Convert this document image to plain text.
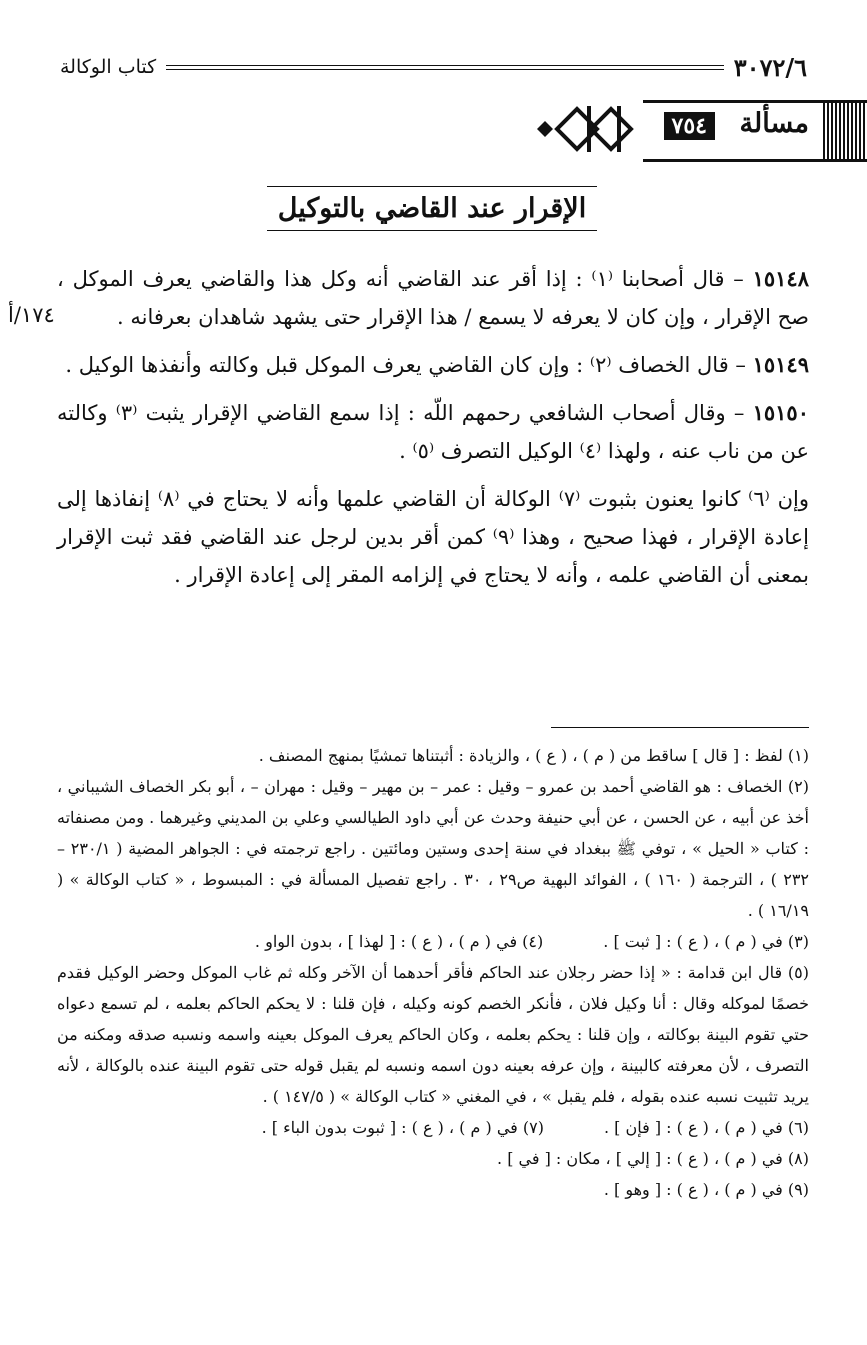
٣٠٧٢/٦
كتاب الوكالة
مسألة
٧٥٤
الإقرار عند القاضي بالتوكيل
١٧٤/أ

١٥١٤٨ – قال أصحابنا ⁽١⁾ : إذا أقر عند القاضي أنه وكل هذا والقاضي يعرف الموكل ، صح الإقرار ، وإن كان لا يعرفه لا يسمع / هذا الإقرار حتى يشهد شاهدان بعرفانه .

١٥١٤٩ – قال الخصاف ⁽٢⁾ : وإن كان القاضي يعرف الموكل قبل وكالته وأنفذها الوكيل .

١٥١٥٠ – وقال أصحاب الشافعي رحمهم اللّه : إذا سمع القاضي الإقرار يثبت ⁽٣⁾ وكالته عن من ناب عنه ، ولهذا ⁽٤⁾ الوكيل التصرف ⁽٥⁾ .

وإن ⁽٦⁾ كانوا يعنون بثبوت ⁽٧⁾ الوكالة أن القاضي علمها وأنه لا يحتاج في ⁽٨⁾ إنفاذها إلى إعادة الإقرار ، فهذا صحيح ، وهذا ⁽٩⁾ كمن أقر بدين لرجل عند القاضي فقد ثبت الإقرار بمعنى أن القاضي علمه ، وأنه لا يحتاج في إلزامه المقر إلى إعادة الإقرار .

(١) لفظ : [ قال ] ساقط من ( م ) ، ( ع ) ، والزيادة : أثبتناها تمشيًا بمنهج المصنف .

(٢) الخصاف : هو القاضي أحمد بن عمرو – وقيل : عمر – بن مهير – وقيل : مهران – ، أبو بكر الخصاف الشيباني ، أخذ عن أبيه ، عن الحسن ، عن أبي حنيفة وحدث عن أبي داود الطيالسي وعلي بن المديني وغيرهما . ومن مصنفاته : كتاب « الحيل » ، توفي ﷺ ببغداد في سنة إحدى وستين ومائتين . راجع ترجمته في : الجواهر المضية ( ٢٣٠/١ – ٢٣٢ ) ، الترجمة ( ١٦٠ ) ، الفوائد البهية ص٢٩ ، ٣٠ . راجع تفصيل المسألة في : المبسوط ، « كتاب الوكالة » ( ١٦/١٩ ) .

(٣) في ( م ) ، ( ع ) : [ ثبت ] .
(٤) في ( م ) ، ( ع ) : [ لهذا ] ، بدون الواو .

(٥) قال ابن قدامة : « إذا حضر رجلان عند الحاكم فأقر أحدهما أن الآخر وكله ثم غاب الموكل وحضر الوكيل فقدم خصمًا لموكله وقال : أنا وكيل فلان ، فأنكر الخصم كونه وكيله ، فإن قلنا : لا يحكم الحاكم بعلمه ، لم تسمع دعواه حتي تقوم البينة بوكالته ، وإن قلنا : يحكم بعلمه ، وكان الحاكم يعرف الموكل بعينه واسمه ونسبه صدقه ومكنه من التصرف ، لأن معرفته كالبينة ، وإن عرفه بعينه دون اسمه ونسبه لم يقبل قوله حتى تقوم البينة عنده بالوكالة ، لأنه يريد تثبيت نسبه عنده بقوله ، فلم يقبل » ، في المغني « كتاب الوكالة » ( ١٤٧/٥ ) .

(٦) في ( م ) ، ( ع ) : [ فإن ] .
(٧) في ( م ) ، ( ع ) : [ ثبوت بدون الباء ] .

(٨) في ( م ) ، ( ع ) : [ إلي ] ، مكان : [ في ] .

(٩) في ( م ) ، ( ع ) : [ وهو ] .
